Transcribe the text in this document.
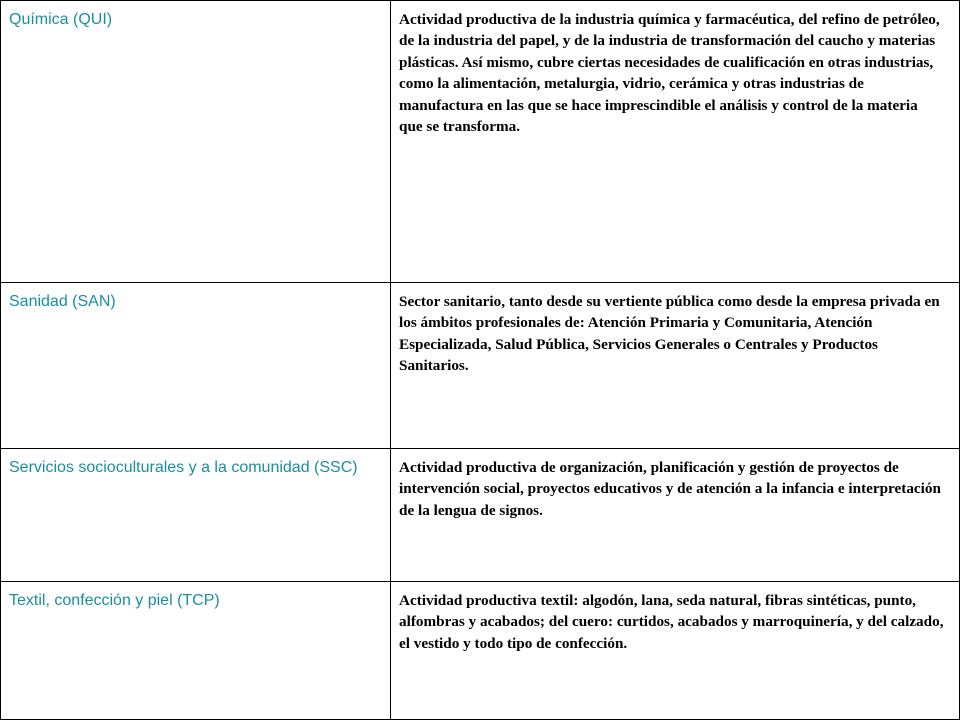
Química (QUI)	Actividad productiva de la industria química y farmacéutica, del refino de petróleo, de la industria del papel, y de la industria de transformación del caucho y materias plásticas. Así mismo, cubre ciertas necesidades de cualificación en otras industrias, como la alimentación, metalurgia, vidrio, cerámica y otras industrias de manufactura en las que se hace imprescindible el análisis y control de la materia que se transforma.
Sanidad (SAN)	Sector sanitario, tanto desde su vertiente pública como desde la empresa privada en los ámbitos profesionales de: Atención Primaria y Comunitaria, Atención Especializada, Salud Pública, Servicios Generales o Centrales y Productos Sanitarios.
Servicios socioculturales y a la comunidad (SSC)	Actividad productiva de organización, planificación y gestión de proyectos de intervención social, proyectos educativos y de atención a la infancia e interpretación de la lengua de signos.
Textil, confección y piel (TCP)	Actividad productiva textil: algodón, lana, seda natural, fibras sintéticas, punto, alfombras y acabados; del cuero: curtidos, acabados y marroquinería, y del calzado, el vestido y todo tipo de confección.
